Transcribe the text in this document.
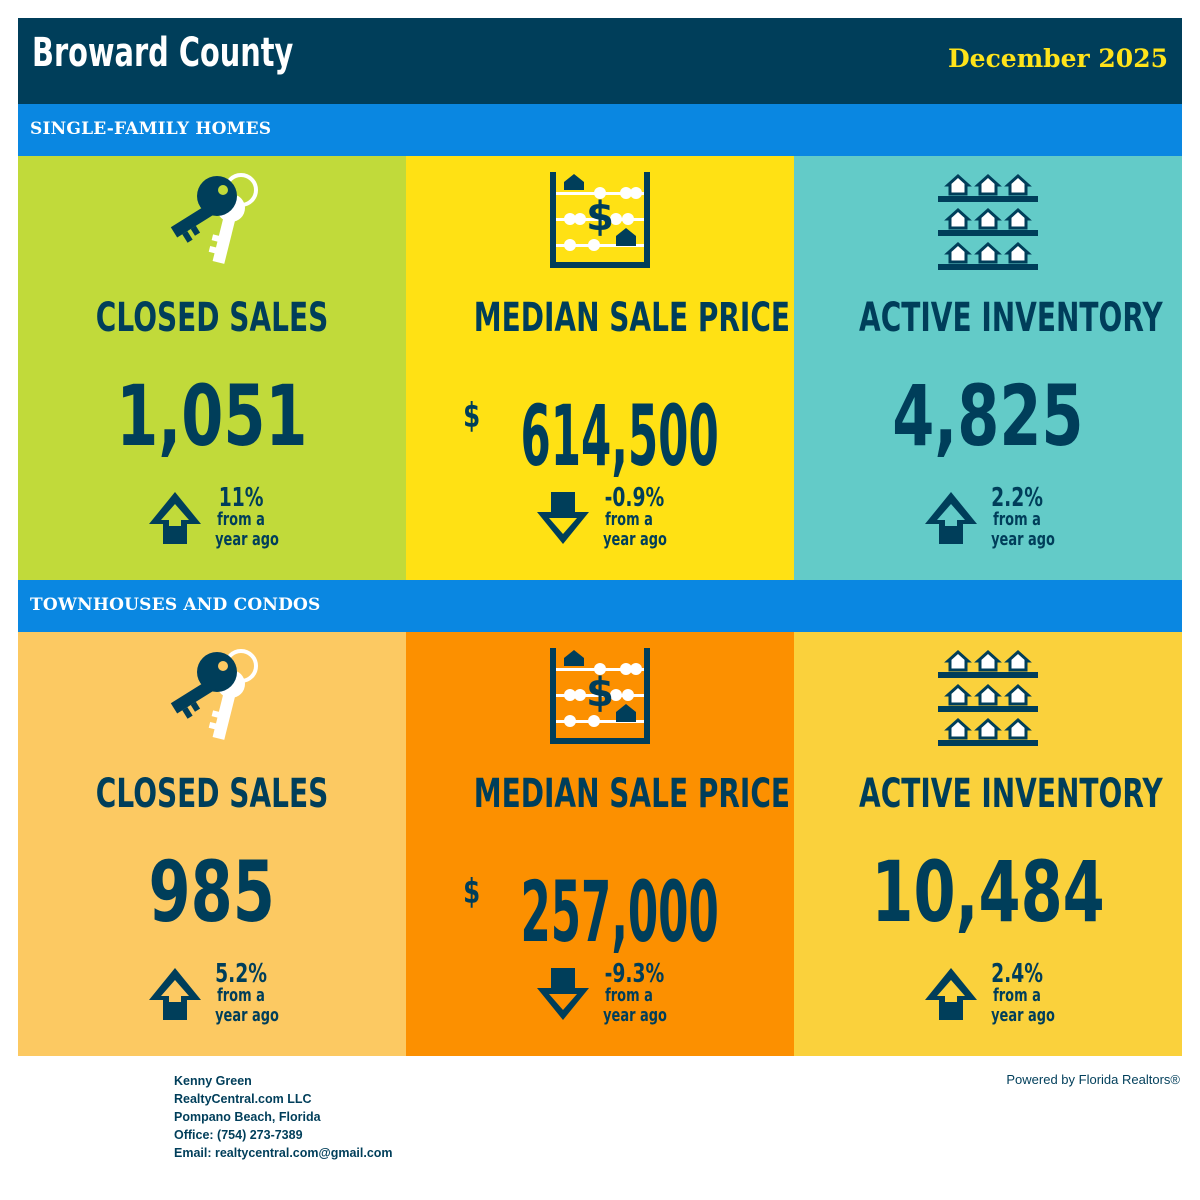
Broward County	December 2025
SINGLE-FAMILY HOMES
CLOSED SALES
1,051
11%
from a
year ago
MEDIAN SALE PRICE
$ 614,500
-0.9%
from a
year ago
ACTIVE INVENTORY
4,825
2.2%
from a
year ago
TOWNHOUSES AND CONDOS
CLOSED SALES
985
5.2%
from a
year ago
MEDIAN SALE PRICE
$ 257,000
-9.3%
from a
year ago
ACTIVE INVENTORY
10,484
2.4%
from a
year ago
Kenny Green
RealtyCentral.com LLC
Pompano Beach, Florida
Office: (754) 273-7389
Email: realtycentral.com@gmail.com
Powered by Florida Realtors®
